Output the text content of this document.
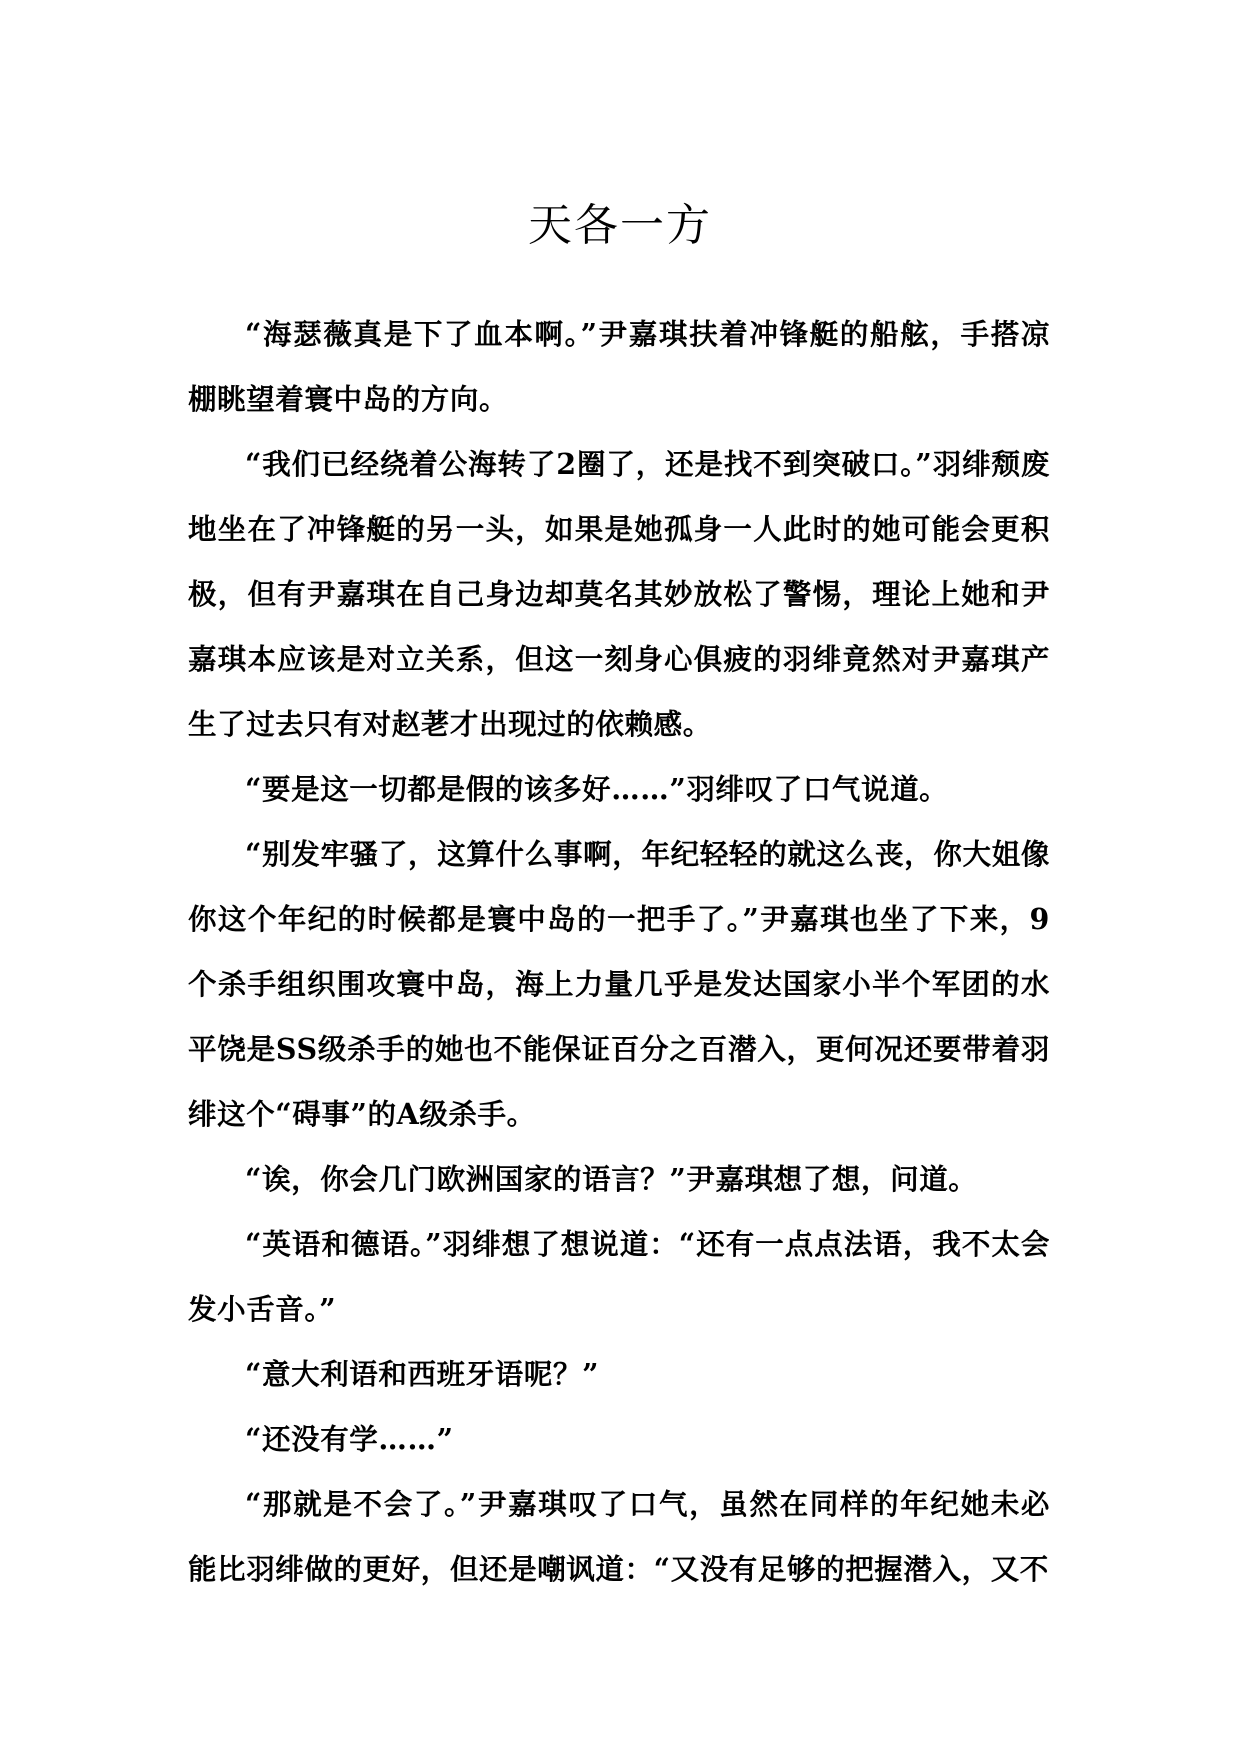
天各一方

“海瑟薇真是下了血本啊。”尹嘉琪扶着冲锋艇的船舷，手搭凉棚眺望着寰中岛的方向。

“我们已经绕着公海转了2圈了，还是找不到突破口。”羽绯颓废地坐在了冲锋艇的另一头，如果是她孤身一人此时的她可能会更积极，但有尹嘉琪在自己身边却莫名其妙放松了警惕，理论上她和尹嘉琪本应该是对立关系，但这一刻身心俱疲的羽绯竟然对尹嘉琪产生了过去只有对赵荖才出现过的依赖感。

“要是这一切都是假的该多好……”羽绯叹了口气说道。

“别发牢骚了，这算什么事啊，年纪轻轻的就这么丧，你大姐像你这个年纪的时候都是寰中岛的一把手了。”尹嘉琪也坐了下来，9个杀手组织围攻寰中岛，海上力量几乎是发达国家小半个军团的水平饶是SS级杀手的她也不能保证百分之百潜入，更何况还要带着羽绯这个“碍事”的A级杀手。

“诶，你会几门欧洲国家的语言？”尹嘉琪想了想，问道。

“英语和德语。”羽绯想了想说道：“还有一点点法语，我不太会发小舌音。”

“意大利语和西班牙语呢？”

“还没有学……”

“那就是不会了。”尹嘉琪叹了口气，虽然在同样的年纪她未必能比羽绯做的更好，但还是嘲讽道：“又没有足够的把握潜入，又不
